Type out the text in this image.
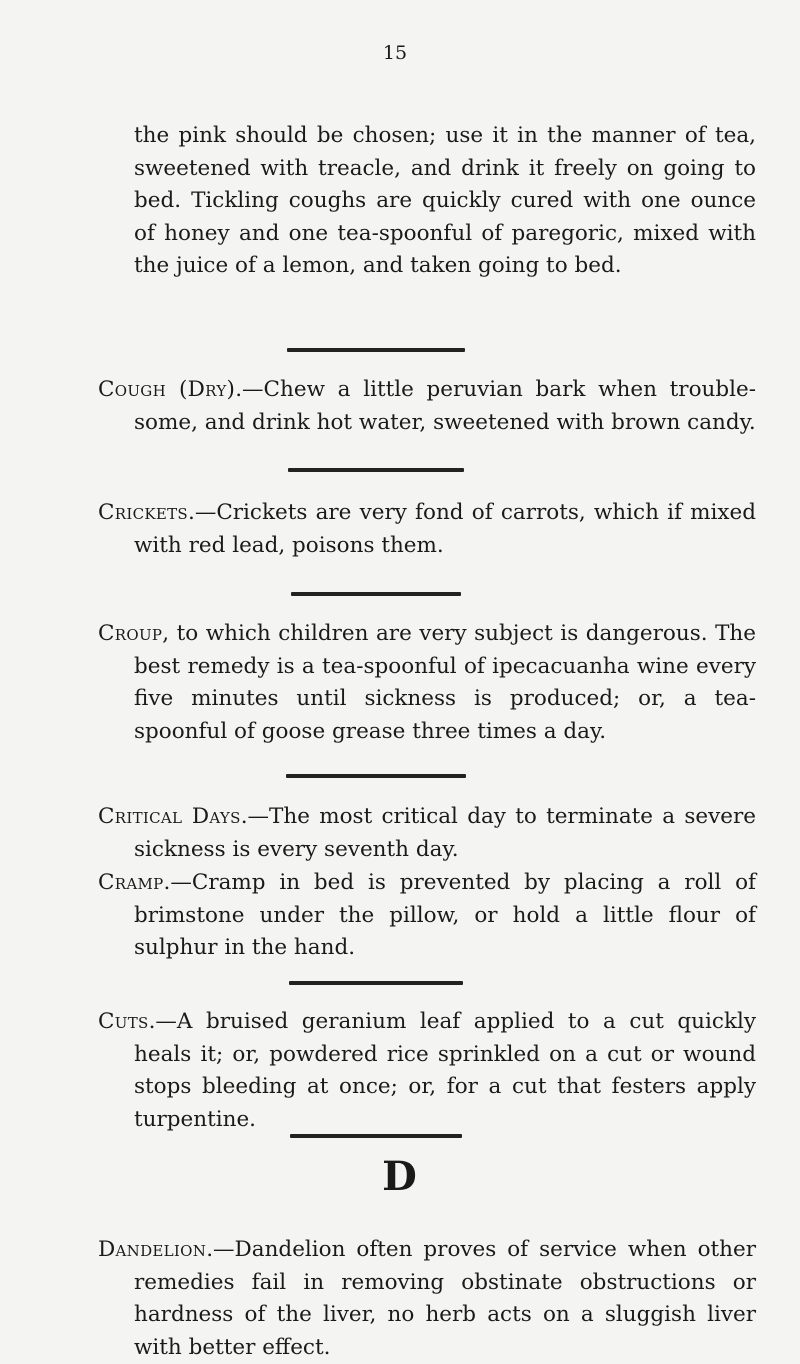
15

the pink should be chosen; use it in the manner of tea, sweetened with treacle, and drink it freely on going to bed. Tickling coughs are quickly cured with one ounce of honey and one tea-spoonful of paregoric, mixed with the juice of a lemon, and taken going to bed.

Cough (Dry).—Chew a little peruvian bark when troublesome, and drink hot water, sweetened with brown candy.

Crickets.—Crickets are very fond of carrots, which if mixed with red lead, poisons them.

Croup, to which children are very subject is dangerous. The best remedy is a tea-spoonful of ipecacuanha wine every five minutes until sickness is produced; or, a tea-spoonful of goose grease three times a day.

Critical Days.—The most critical day to terminate a severe sickness is every seventh day.

Cramp.—Cramp in bed is prevented by placing a roll of brimstone under the pillow, or hold a little flour of sulphur in the hand.

Cuts.—A bruised geranium leaf applied to a cut quickly heals it; or, powdered rice sprinkled on a cut or wound stops bleeding at once; or, for a cut that festers apply turpentine.

D

Dandelion.—Dandelion often proves of service when other remedies fail in removing obstinate obstructions or hardness of the liver, no herb acts on a sluggish liver with better effect.
